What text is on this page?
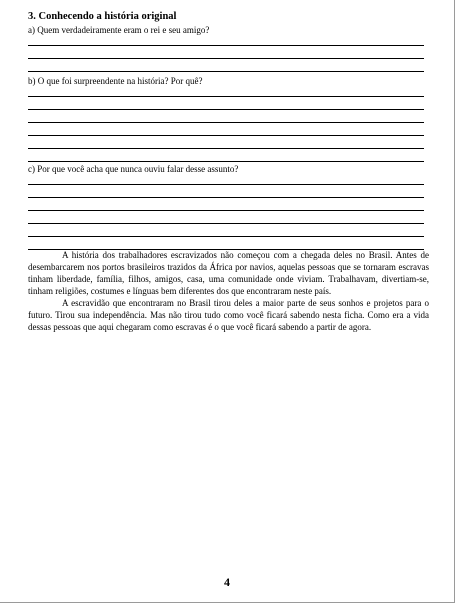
3. Conhecendo a história original
a) Quem verdadeiramente eram o rei e seu amigo?
b) O que foi surpreendente na história? Por quê?
c) Por que você acha que nunca ouviu falar desse assunto?

A história dos trabalhadores escravizados não começou com a chegada deles no Brasil. Antes de desembarcarem nos portos brasileiros trazidos da África por navios, aquelas pessoas que se tornaram escravas tinham liberdade, família, filhos, amigos, casa, uma comunidade onde viviam. Trabalhavam, divertiam-se, tinham religiões, costumes e línguas bem diferentes dos que encontraram neste país.

A escravidão que encontraram no Brasil tirou deles a maior parte de seus sonhos e projetos para o futuro. Tirou sua independência. Mas não tirou tudo como você ficará sabendo nesta ficha. Como era a vida dessas pessoas que aqui chegaram como escravas é o que você ficará sabendo a partir de agora.

4
